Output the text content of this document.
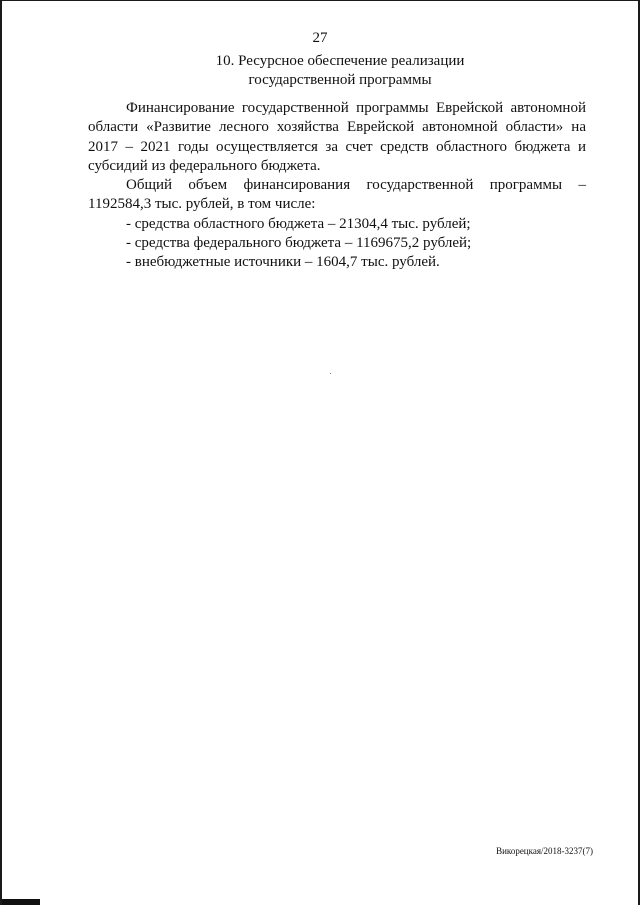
27
10. Ресурсное обеспечение реализации
государственной программы

Финансирование государственной программы Еврейской автономной области «Развитие лесного хозяйства Еврейской автономной области» на 2017 – 2021 годы осуществляется за счет средств областного бюджета и субсидий из федерального бюджета.

Общий объем финансирования государственной программы –

1192584,3 тыс. рублей, в том числе:

- средства областного бюджета – 21304,4 тыс. рублей;

- средства федерального бюджета – 1169675,2 рублей;

- внебюджетные источники – 1604,7 тыс. рублей.

Викорецкая/2018-3237(7)
